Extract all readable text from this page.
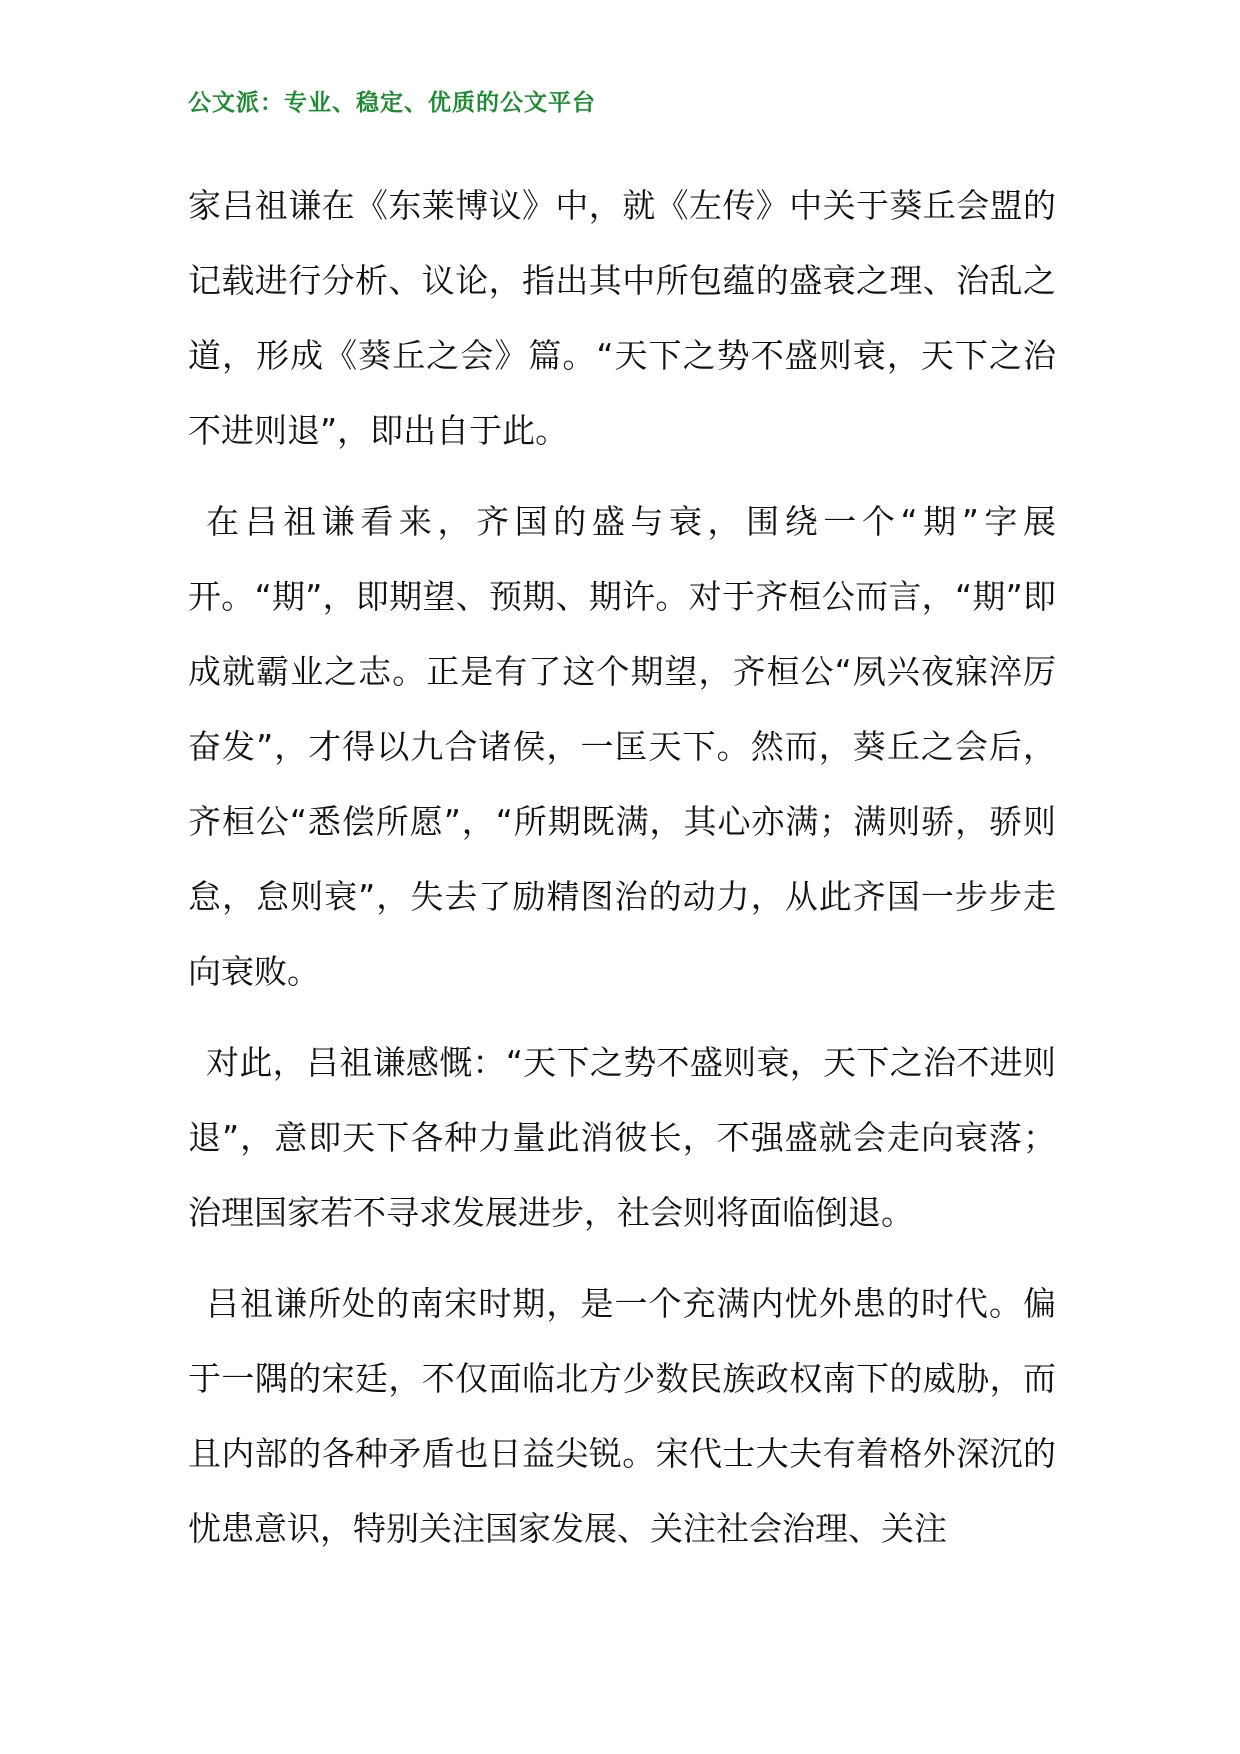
公文派：专业、稳定、优质的公文平台

家吕祖谦在《东莱博议》中，就《左传》中关于葵丘会盟的记载进行分析、议论，指出其中所包蕴的盛衰之理、治乱之道，形成《葵丘之会》篇。“天下之势不盛则衰，天下之治不进则退”，即出自于此。

在吕祖谦看来，齐国的盛与衰，围绕一个“期”字展开。“期”，即期望、预期、期许。对于齐桓公而言，“期”即成就霸业之志。正是有了这个期望，齐桓公“夙兴夜寐淬厉奋发”，才得以九合诸侯，一匡天下。然而，葵丘之会后，齐桓公“悉偿所愿”，“所期既满，其心亦满；满则骄，骄则怠，怠则衰”，失去了励精图治的动力，从此齐国一步步走向衰败。

对此，吕祖谦感慨：“天下之势不盛则衰，天下之治不进则退”，意即天下各种力量此消彼长，不强盛就会走向衰落；治理国家若不寻求发展进步，社会则将面临倒退。

吕祖谦所处的南宋时期，是一个充满内忧外患的时代。偏于一隅的宋廷，不仅面临北方少数民族政权南下的威胁，而且内部的各种矛盾也日益尖锐。宋代士大夫有着格外深沉的忧患意识，特别关注国家发展、关注社会治理、关注
